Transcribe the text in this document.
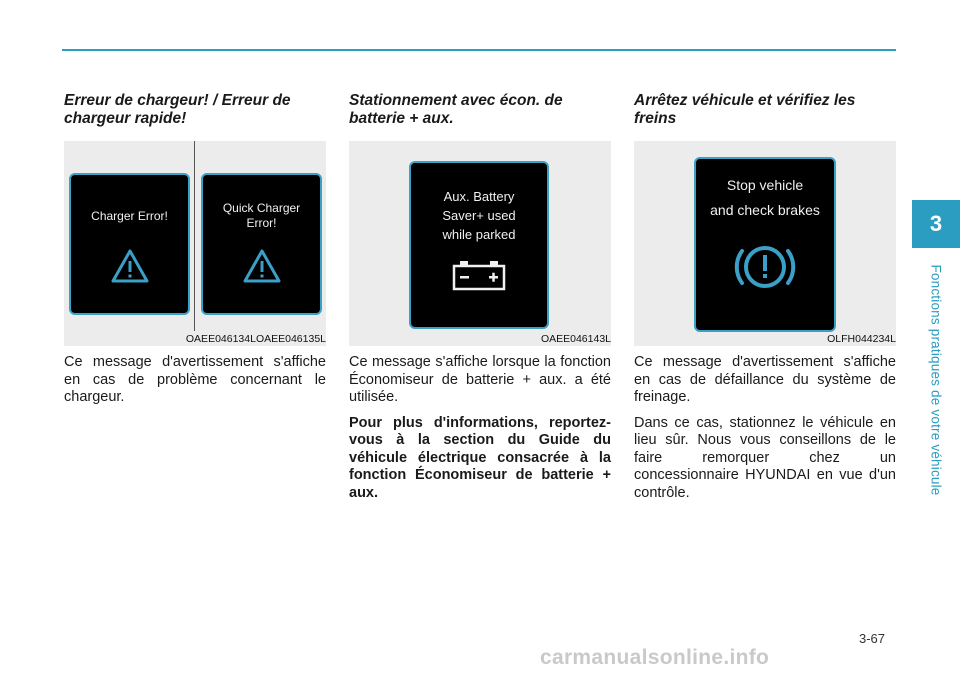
Erreur de chargeur! / Erreur de chargeur rapide!
Charger Error!
Quick Charger Error!
OAEE046134LOAEE046135L

Ce message d'avertissement s'affiche en cas de problème concernant le chargeur.

Stationnement avec écon. de batterie + aux.
Aux. Battery
Saver+ used
while parked
OAEE046143L

Ce message s'affiche lorsque la fonction Économiseur de batterie + aux. a été utilisée.

Pour plus d'informations, reportez-vous à la section du Guide du véhicule électrique consacrée à la fonction Économiseur de batterie + aux.

Arrêtez véhicule et vérifiez les freins
Stop vehicle
and check brakes
OLFH044234L

Ce message d'avertissement s'affiche en cas de défaillance du système de freinage.

Dans ce cas, stationnez le véhicule en lieu sûr. Nous vous conseillons de le faire remorquer chez un concessionnaire HYUNDAI en vue d'un contrôle.

3
Fonctions pratiques de votre véhicule
3-67
carmanualsonline.info
